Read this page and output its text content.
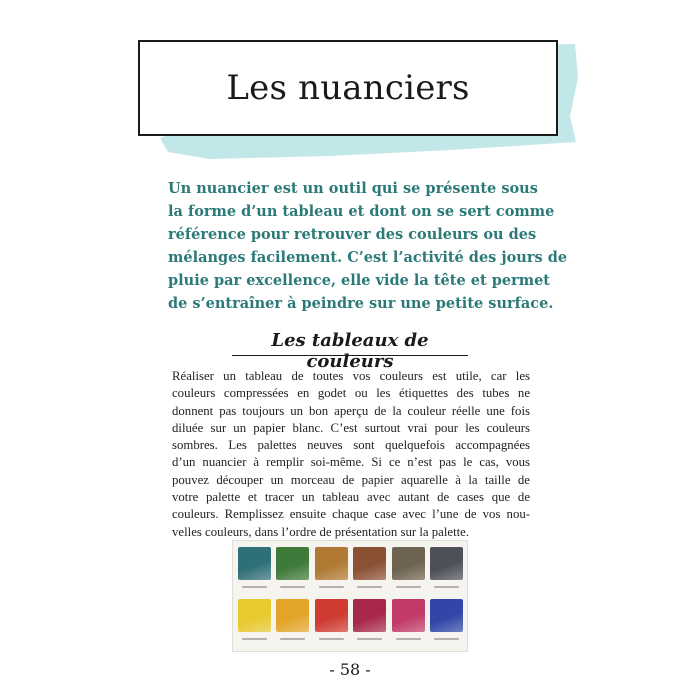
Les nuanciers

Un nuancier est un outil qui se présente sous
la forme d’un tableau et dont on se sert comme
référence pour retrouver des couleurs ou des
mélanges facilement. C’est l’activité des jours de
pluie par excellence, elle vide la tête et permet
de s’entraîner à peindre sur une petite surface.

Les tableaux de couleurs

Réaliser un tableau de toutes vos couleurs est utile, car les
couleurs compressées en godet ou les étiquettes des tubes ne
donnent pas toujours un bon aperçu de la couleur réelle une fois
diluée sur un papier blanc. C’est surtout vrai pour les couleurs
sombres. Les palettes neuves sont quelquefois accompagnées
d’un nuancier à remplir soi-même. Si ce n’est pas le cas, vous
pouvez découper un morceau de papier aquarelle à la taille de
votre palette et tracer un tableau avec autant de cases que de
couleurs. Remplissez ensuite chaque case avec l’une de vos nou-
velles couleurs, dans l’ordre de présentation sur la palette.

- 58 -
